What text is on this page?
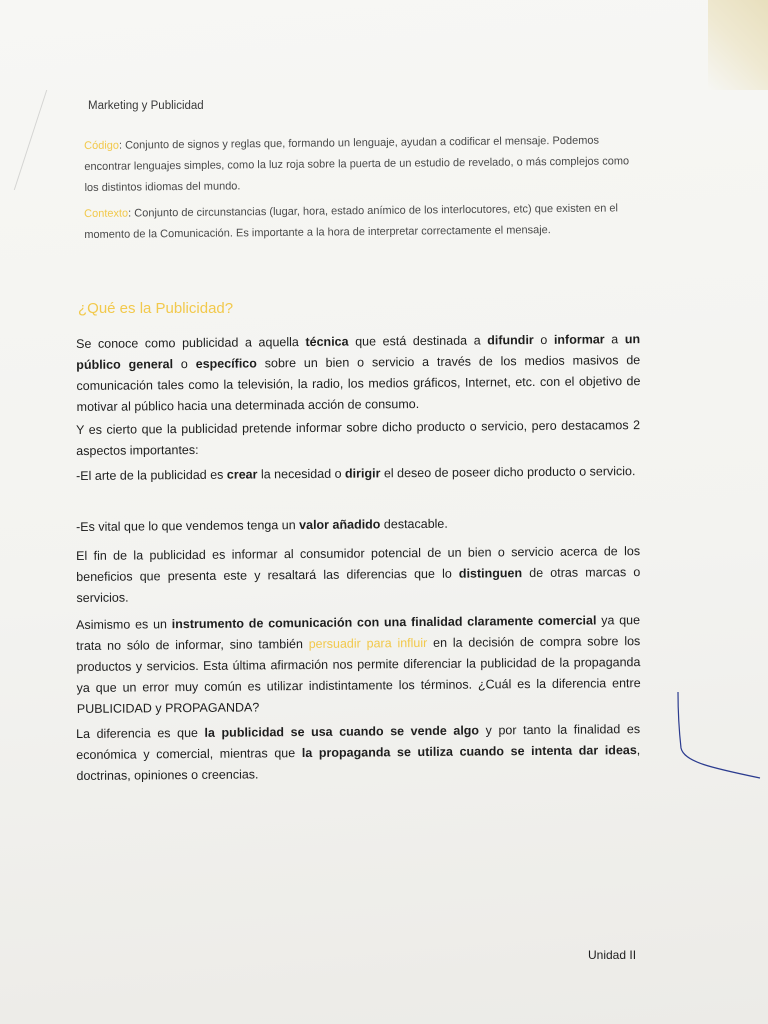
Marketing y Publicidad
Código: Conjunto de signos y reglas que, formando un lenguaje, ayudan a codificar el mensaje. Podemos encontrar lenguajes simples, como la luz roja sobre la puerta de un estudio de revelado, o más complejos como los distintos idiomas del mundo.
Contexto: Conjunto de circunstancias (lugar, hora, estado anímico de los interlocutores, etc) que existen en el momento de la Comunicación. Es importante a la hora de interpretar correctamente el mensaje.
¿Qué es la Publicidad?
Se conoce como publicidad a aquella técnica que está destinada a difundir o informar a un público general o específico sobre un bien o servicio a través de los medios masivos de comunicación tales como la televisión, la radio, los medios gráficos, Internet, etc. con el objetivo de motivar al público hacia una determinada acción de consumo.
Y es cierto que la publicidad pretende informar sobre dicho producto o servicio, pero destacamos 2 aspectos importantes:
-El arte de la publicidad es crear la necesidad o dirigir el deseo de poseer dicho producto o servicio.
-Es vital que lo que vendemos tenga un valor añadido destacable.
El fin de la publicidad es informar al consumidor potencial de un bien o servicio acerca de los beneficios que presenta este y resaltará las diferencias que lo distinguen de otras marcas o servicios.
Asimismo es un instrumento de comunicación con una finalidad claramente comercial ya que trata no sólo de informar, sino también persuadir para influir en la decisión de compra sobre los productos y servicios. Esta última afirmación nos permite diferenciar la publicidad de la propaganda ya que un error muy común es utilizar indistintamente los términos. ¿Cuál es la diferencia entre PUBLICIDAD y PROPAGANDA?
La diferencia es que la publicidad se usa cuando se vende algo y por tanto la finalidad es económica y comercial, mientras que la propaganda se utiliza cuando se intenta dar ideas, doctrinas, opiniones o creencias.
Unidad II
